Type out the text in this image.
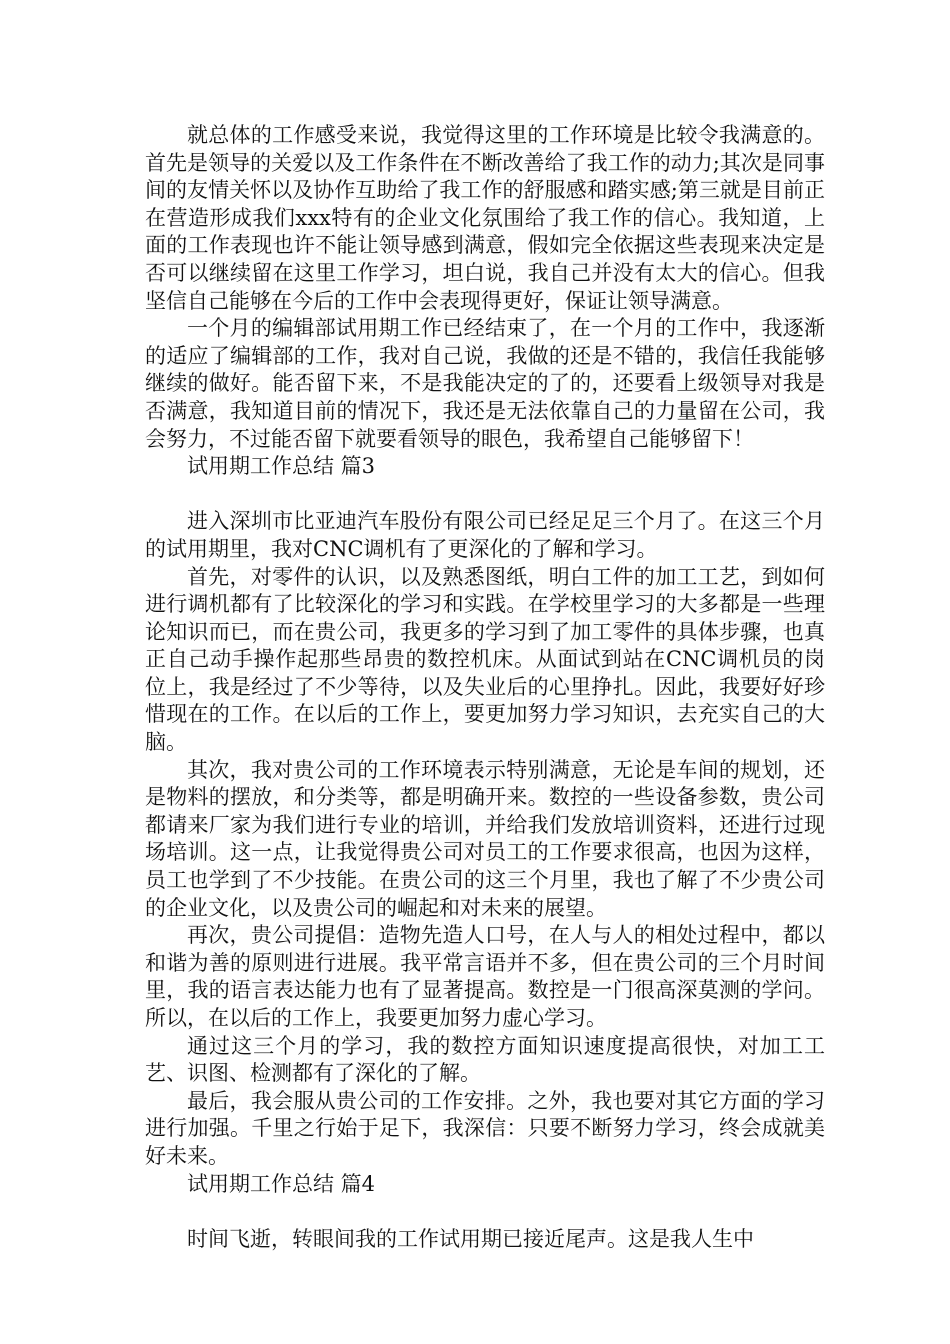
就总体的工作感受来说，我觉得这里的工作环境是比较令我满意的。首先是领导的关爱以及工作条件在不断改善给了我工作的动力;其次是同事间的友情关怀以及协作互助给了我工作的舒服感和踏实感;第三就是目前正在营造形成我们xxx特有的企业文化氛围给了我工作的信心。我知道，上面的工作表现也许不能让领导感到满意，假如完全依据这些表现来决定是否可以继续留在这里工作学习，坦白说，我自己并没有太大的信心。但我坚信自己能够在今后的工作中会表现得更好，保证让领导满意。

一个月的编辑部试用期工作已经结束了，在一个月的工作中，我逐渐的适应了编辑部的工作，我对自己说，我做的还是不错的，我信任我能够继续的做好。能否留下来，不是我能决定的了的，还要看上级领导对我是否满意，我知道目前的情况下，我还是无法依靠自己的力量留在公司，我会努力，不过能否留下就要看领导的眼色，我希望自己能够留下！

试用期工作总结 篇3

进入深圳市比亚迪汽车股份有限公司已经足足三个月了。在这三个月的试用期里，我对CNC调机有了更深化的了解和学习。

首先，对零件的认识，以及熟悉图纸，明白工件的加工工艺，到如何进行调机都有了比较深化的学习和实践。在学校里学习的大多都是一些理论知识而已，而在贵公司，我更多的学习到了加工零件的具体步骤，也真正自己动手操作起那些昂贵的数控机床。从面试到站在CNC调机员的岗位上，我是经过了不少等待，以及失业后的心里挣扎。因此，我要好好珍惜现在的工作。在以后的工作上，要更加努力学习知识，去充实自己的大脑。

其次，我对贵公司的工作环境表示特别满意，无论是车间的规划，还是物料的摆放，和分类等，都是明确开来。数控的一些设备参数，贵公司都请来厂家为我们进行专业的培训，并给我们发放培训资料，还进行过现场培训。这一点，让我觉得贵公司对员工的工作要求很高，也因为这样，员工也学到了不少技能。在贵公司的这三个月里，我也了解了不少贵公司的企业文化，以及贵公司的崛起和对未来的展望。

再次，贵公司提倡：造物先造人口号，在人与人的相处过程中，都以和谐为善的原则进行进展。我平常言语并不多，但在贵公司的三个月时间里，我的语言表达能力也有了显著提高。数控是一门很高深莫测的学问。所以，在以后的工作上，我要更加努力虚心学习。

通过这三个月的学习，我的数控方面知识速度提高很快，对加工工艺、识图、检测都有了深化的了解。

最后，我会服从贵公司的工作安排。之外，我也要对其它方面的学习进行加强。千里之行始于足下，我深信：只要不断努力学习，终会成就美好未来。

试用期工作总结 篇4

时间飞逝，转眼间我的工作试用期已接近尾声。这是我人生中
